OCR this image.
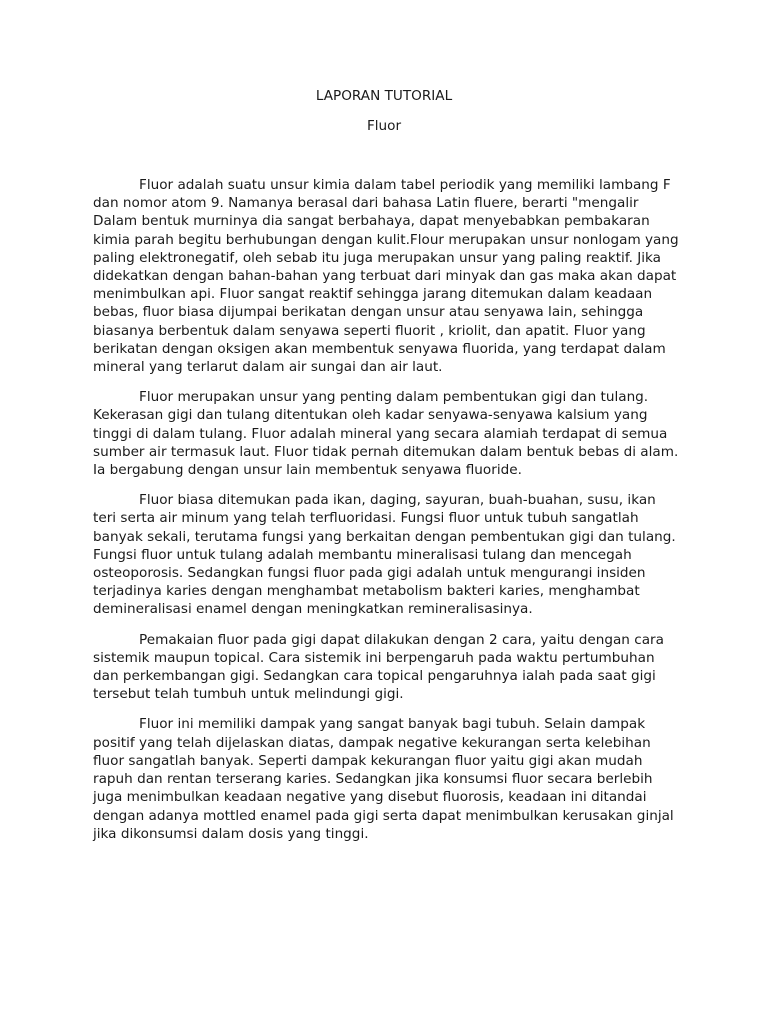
LAPORAN TUTORIAL

Fluor

Fluor adalah suatu unsur kimia dalam tabel periodik yang memiliki lambang F dan nomor atom 9. Namanya berasal dari bahasa Latin fluere, berarti "mengalir Dalam bentuk murninya dia sangat berbahaya, dapat menyebabkan pembakaran kimia parah begitu berhubungan dengan kulit.Flour merupakan unsur nonlogam yang paling elektronegatif, oleh sebab itu juga merupakan unsur yang paling reaktif. Jika didekatkan dengan bahan-bahan yang terbuat dari minyak dan gas maka akan dapat menimbulkan api. Fluor sangat reaktif sehingga jarang ditemukan dalam keadaan bebas, fluor biasa dijumpai berikatan dengan unsur atau senyawa lain, sehingga biasanya berbentuk dalam senyawa seperti fluorit , kriolit, dan apatit. Fluor yang berikatan dengan oksigen akan membentuk senyawa fluorida, yang terdapat dalam mineral yang terlarut dalam air sungai dan air laut.

Fluor merupakan unsur yang penting dalam pembentukan gigi dan tulang. Kekerasan gigi dan tulang ditentukan oleh kadar senyawa-senyawa kalsium yang tinggi di dalam tulang. Fluor adalah mineral yang secara alamiah terdapat di semua sumber air termasuk laut. Fluor tidak pernah ditemukan dalam bentuk bebas di alam. Ia bergabung dengan unsur lain membentuk senyawa fluoride.

Fluor biasa ditemukan pada ikan, daging, sayuran, buah-buahan, susu, ikan teri serta air minum yang telah terfluoridasi. Fungsi fluor untuk tubuh sangatlah banyak sekali, terutama fungsi yang berkaitan dengan pembentukan gigi dan tulang. Fungsi fluor untuk tulang adalah membantu mineralisasi tulang dan mencegah osteoporosis. Sedangkan fungsi fluor pada gigi adalah untuk mengurangi insiden terjadinya karies dengan menghambat metabolism bakteri karies, menghambat demineralisasi enamel dengan meningkatkan remineralisasinya.

Pemakaian fluor pada gigi dapat dilakukan dengan 2 cara, yaitu dengan cara sistemik maupun topical. Cara sistemik ini berpengaruh pada waktu pertumbuhan dan perkembangan gigi. Sedangkan cara topical pengaruhnya ialah pada saat gigi tersebut telah tumbuh untuk melindungi gigi.

Fluor ini memiliki dampak yang sangat banyak bagi tubuh. Selain dampak positif yang telah dijelaskan diatas, dampak negative kekurangan serta kelebihan fluor sangatlah banyak. Seperti dampak kekurangan fluor yaitu gigi akan mudah rapuh dan rentan terserang karies. Sedangkan jika konsumsi fluor secara berlebih juga menimbulkan keadaan negative yang disebut fluorosis, keadaan ini ditandai dengan adanya mottled enamel pada gigi serta dapat menimbulkan kerusakan ginjal jika dikonsumsi dalam dosis yang tinggi.
